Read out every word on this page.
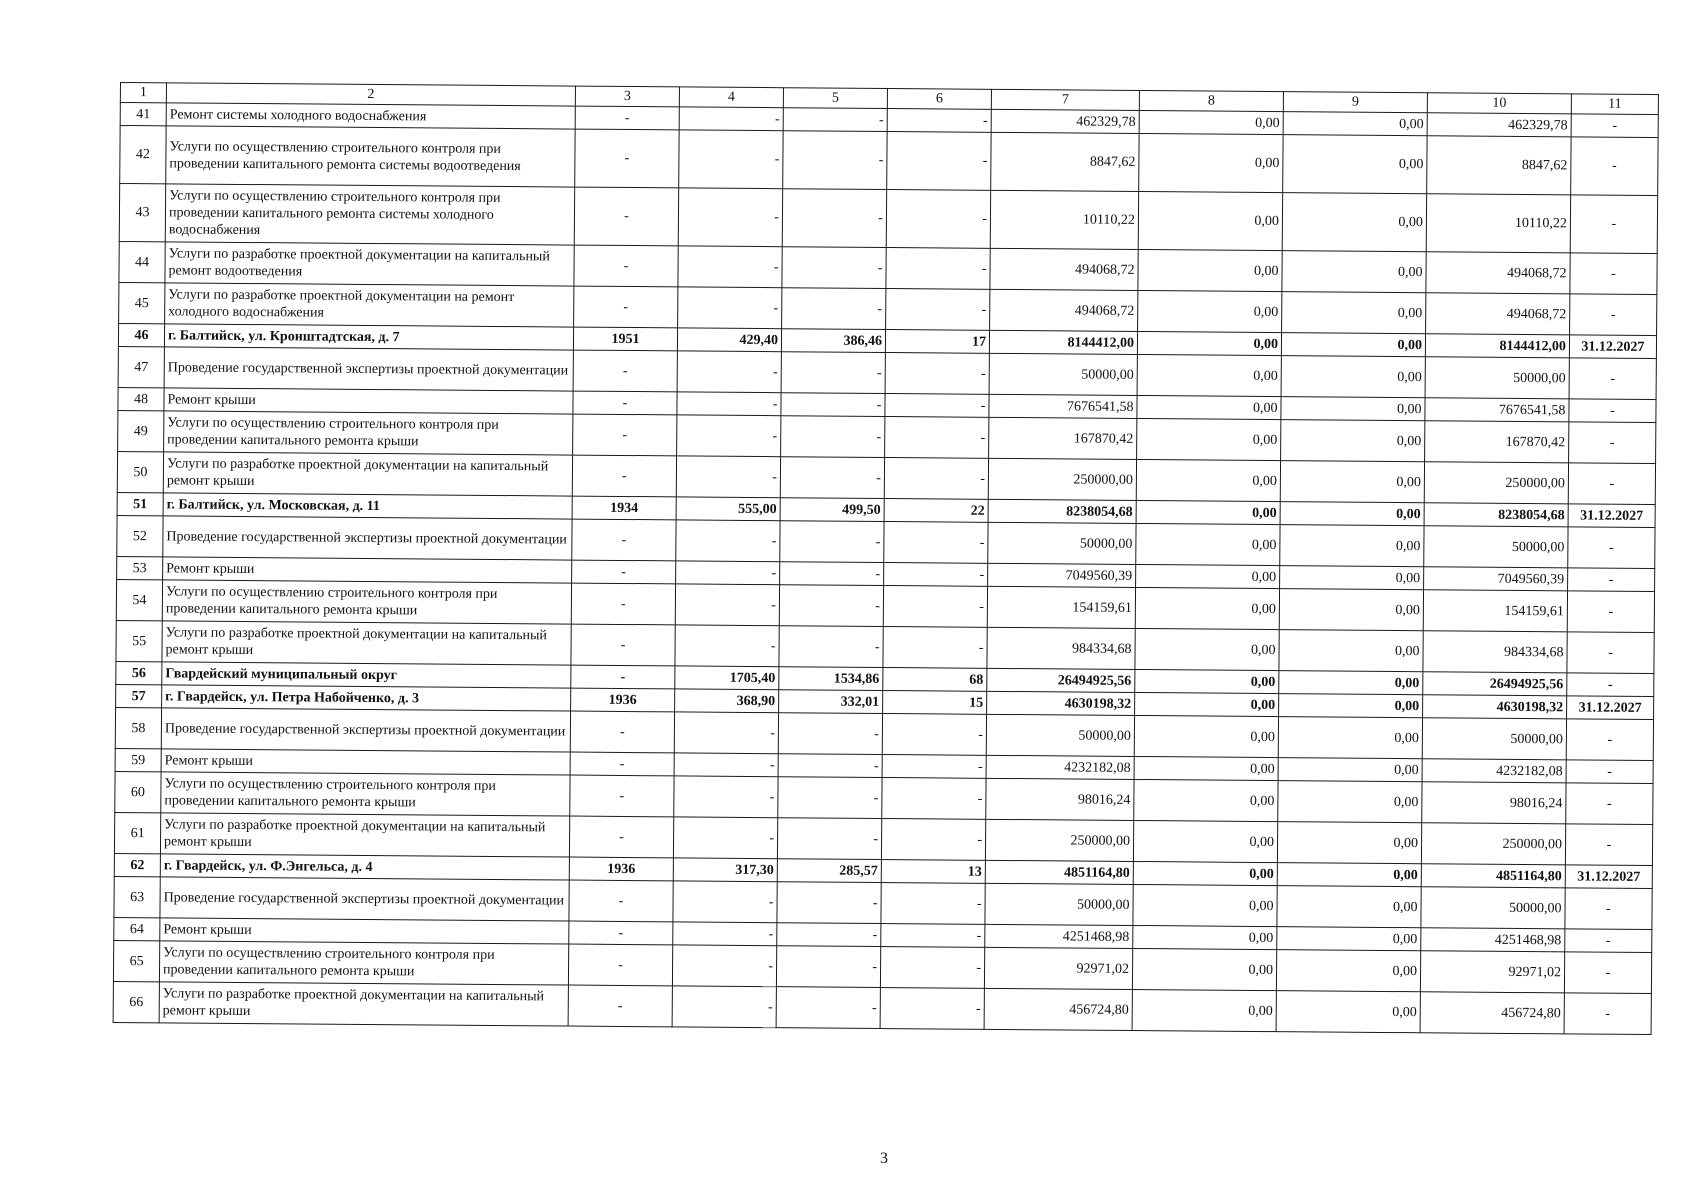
1	2	3	4	5	6	7	8	9	10	11
41	Ремонт системы холодного водоснабжения	-	-	-	-	462329,78	0,00	0,00	462329,78	-
42	Услуги по осуществлению строительного контроля при проведении капитального ремонта системы водоотведения	-	-	-	-	8847,62	0,00	0,00	8847,62	-
43	Услуги по осуществлению строительного контроля при проведении капитального ремонта системы холодного водоснабжения	-	-	-	-	10110,22	0,00	0,00	10110,22	-
44	Услуги по разработке проектной документации на капитальный ремонт водоотведения	-	-	-	-	494068,72	0,00	0,00	494068,72	-
45	Услуги по разработке проектной документации на ремонт холодного водоснабжения	-	-	-	-	494068,72	0,00	0,00	494068,72	-
46	г. Балтийск, ул. Кронштадтская, д. 7	1951	429,40	386,46	17	8144412,00	0,00	0,00	8144412,00	31.12.2027
47	Проведение государственной экспертизы проектной документации	-	-	-	-	50000,00	0,00	0,00	50000,00	-
48	Ремонт крыши	-	-	-	-	7676541,58	0,00	0,00	7676541,58	-
49	Услуги по осуществлению строительного контроля при проведении капитального ремонта крыши	-	-	-	-	167870,42	0,00	0,00	167870,42	-
50	Услуги по разработке проектной документации на капитальный ремонт крыши	-	-	-	-	250000,00	0,00	0,00	250000,00	-
51	г. Балтийск, ул. Московская, д. 11	1934	555,00	499,50	22	8238054,68	0,00	0,00	8238054,68	31.12.2027
52	Проведение государственной экспертизы проектной документации	-	-	-	-	50000,00	0,00	0,00	50000,00	-
53	Ремонт крыши	-	-	-	-	7049560,39	0,00	0,00	7049560,39	-
54	Услуги по осуществлению строительного контроля при проведении капитального ремонта крыши	-	-	-	-	154159,61	0,00	0,00	154159,61	-
55	Услуги по разработке проектной документации на капитальный ремонт крыши	-	-	-	-	984334,68	0,00	0,00	984334,68	-
56	Гвардейский муниципальный округ	-	1705,40	1534,86	68	26494925,56	0,00	0,00	26494925,56	-
57	г. Гвардейск, ул. Петра Набойченко, д. 3	1936	368,90	332,01	15	4630198,32	0,00	0,00	4630198,32	31.12.2027
58	Проведение государственной экспертизы проектной документации	-	-	-	-	50000,00	0,00	0,00	50000,00	-
59	Ремонт крыши	-	-	-	-	4232182,08	0,00	0,00	4232182,08	-
60	Услуги по осуществлению строительного контроля при проведении капитального ремонта крыши	-	-	-	-	98016,24	0,00	0,00	98016,24	-
61	Услуги по разработке проектной документации на капитальный ремонт крыши	-	-	-	-	250000,00	0,00	0,00	250000,00	-
62	г. Гвардейск, ул. Ф.Энгельса, д. 4	1936	317,30	285,57	13	4851164,80	0,00	0,00	4851164,80	31.12.2027
63	Проведение государственной экспертизы проектной документации	-	-	-	-	50000,00	0,00	0,00	50000,00	-
64	Ремонт крыши	-	-	-	-	4251468,98	0,00	0,00	4251468,98	-
65	Услуги по осуществлению строительного контроля при проведении капитального ремонта крыши	-	-	-	-	92971,02	0,00	0,00	92971,02	-
66	Услуги по разработке проектной документации на капитальный ремонт крыши	-	-	-	-	456724,80	0,00	0,00	456724,80	-
3
